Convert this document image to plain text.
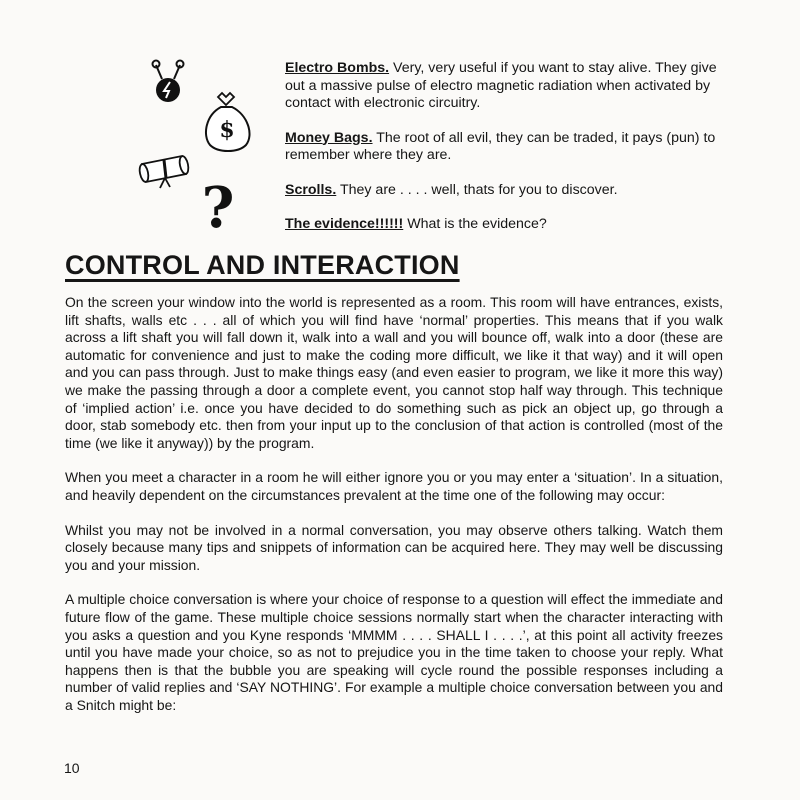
$
?
Electro Bombs. Very, very useful if you want to stay alive. They give out a massive pulse of electro magnetic radiation when activated by contact with electronic circuitry.
Money Bags. The root of all evil, they can be traded, it pays (pun) to remember where they are.
Scrolls. They are . . . . well, thats for you to discover.
The evidence!!!!!! What is the evidence?
CONTROL AND INTERACTION

On the screen your window into the world is represented as a room. This room will have entrances, exists, lift shafts, walls etc . . . all of which you will find have ‘normal’ properties. This means that if you walk across a lift shaft you will fall down it, walk into a wall and you will bounce off, walk into a door (these are automatic for convenience and just to make the coding more difficult, we like it that way) and it will open and you can pass through. Just to make things easy (and even easier to program, we like it more this way) we make the passing through a door a complete event, you cannot stop half way through. This technique of ‘implied action’ i.e. once you have decided to do something such as pick an object up, go through a door, stab somebody etc. then from your input up to the conclusion of that action is controlled (most of the time (we like it anyway)) by the program.

When you meet a character in a room he will either ignore you or you may enter a ‘situation’. In a situation, and heavily dependent on the circumstances prevalent at the time one of the following may occur:

Whilst you may not be involved in a normal conversation, you may observe others talking. Watch them closely because many tips and snippets of information can be acquired here. They may well be discussing you and your mission.

A multiple choice conversation is where your choice of response to a question will effect the immediate and future flow of the game. These multiple choice sessions normally start when the character interacting with you asks a question and you Kyne responds ‘MMMM . . . . SHALL I . . . .’, at this point all activity freezes until you have made your choice, so as not to prejudice you in the time taken to choose your reply. What happens then is that the bubble you are speaking will cycle round the possible responses including a number of valid replies and ‘SAY NOTHING’. For example a multiple choice conversation between you and a Snitch might be:

10
